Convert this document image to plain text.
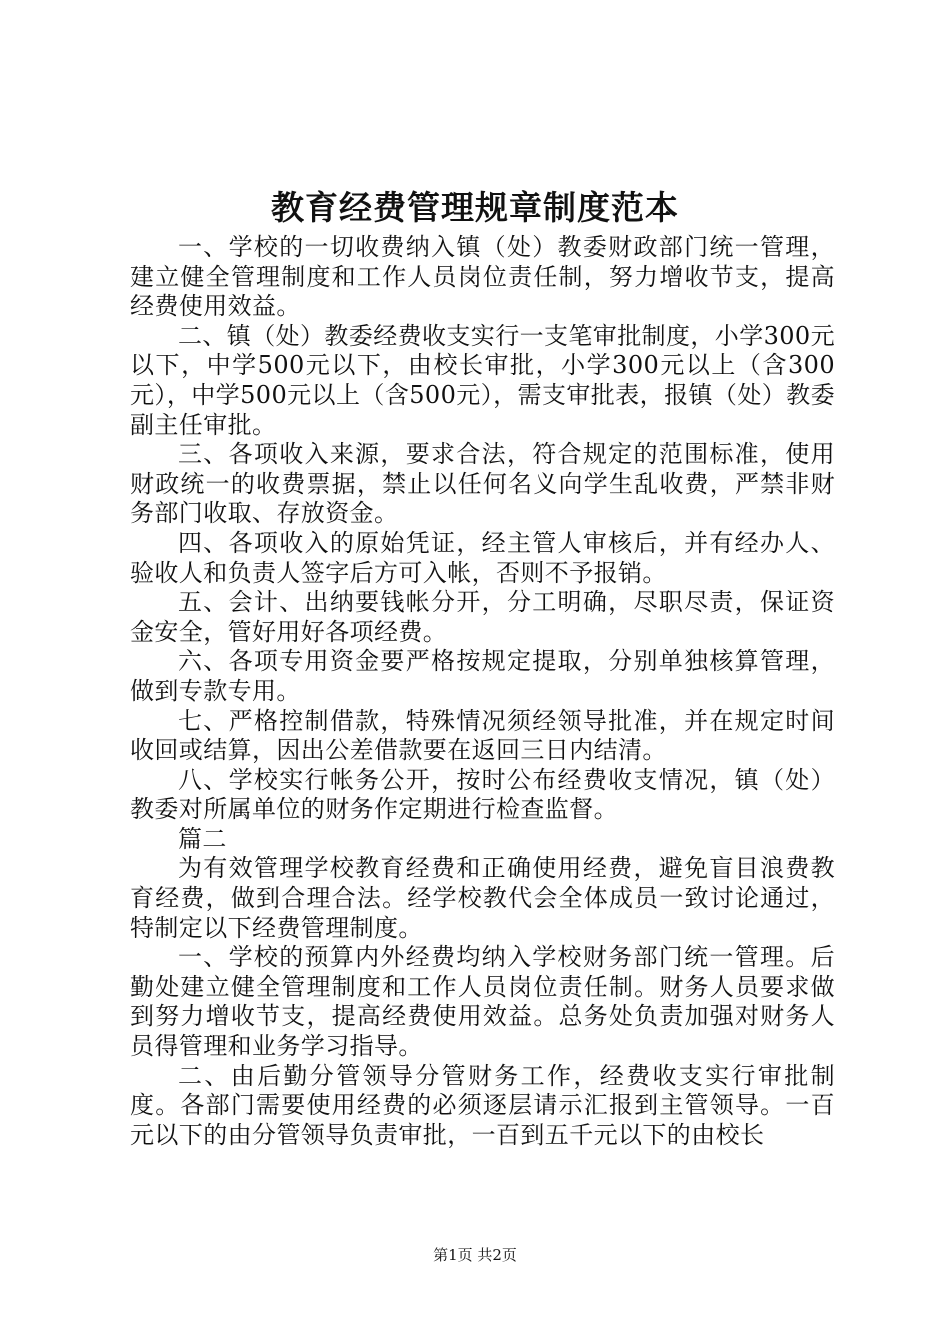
教育经费管理规章制度范本

一、学校的一切收费纳入镇（处）教委财政部门统一管理，建立健全管理制度和工作人员岗位责任制，努力增收节支，提高经费使用效益。

二、镇（处）教委经费收支实行一支笔审批制度，小学300元以下，中学500元以下，由校长审批，小学300元以上（含300元），中学500元以上（含500元），需支审批表，报镇（处）教委副主任审批。

三、各项收入来源，要求合法，符合规定的范围标准，使用财政统一的收费票据，禁止以任何名义向学生乱收费，严禁非财务部门收取、存放资金。

四、各项收入的原始凭证，经主管人审核后，并有经办人、验收人和负责人签字后方可入帐，否则不予报销。

五、会计、出纳要钱帐分开，分工明确，尽职尽责，保证资金安全，管好用好各项经费。

六、各项专用资金要严格按规定提取，分别单独核算管理，做到专款专用。

七、严格控制借款，特殊情况须经领导批准，并在规定时间收回或结算，因出公差借款要在返回三日内结清。

八、学校实行帐务公开，按时公布经费收支情况，镇（处）教委对所属单位的财务作定期进行检查监督。

篇二

为有效管理学校教育经费和正确使用经费，避免盲目浪费教育经费，做到合理合法。经学校教代会全体成员一致讨论通过，特制定以下经费管理制度。

一、学校的预算内外经费均纳入学校财务部门统一管理。后勤处建立健全管理制度和工作人员岗位责任制。财务人员要求做到努力增收节支，提高经费使用效益。总务处负责加强对财务人员得管理和业务学习指导。

二、由后勤分管领导分管财务工作，经费收支实行审批制度。各部门需要使用经费的必须逐层请示汇报到主管领导。一百元以下的由分管领导负责审批，一百到五千元以下的由校长

第1页 共2页
